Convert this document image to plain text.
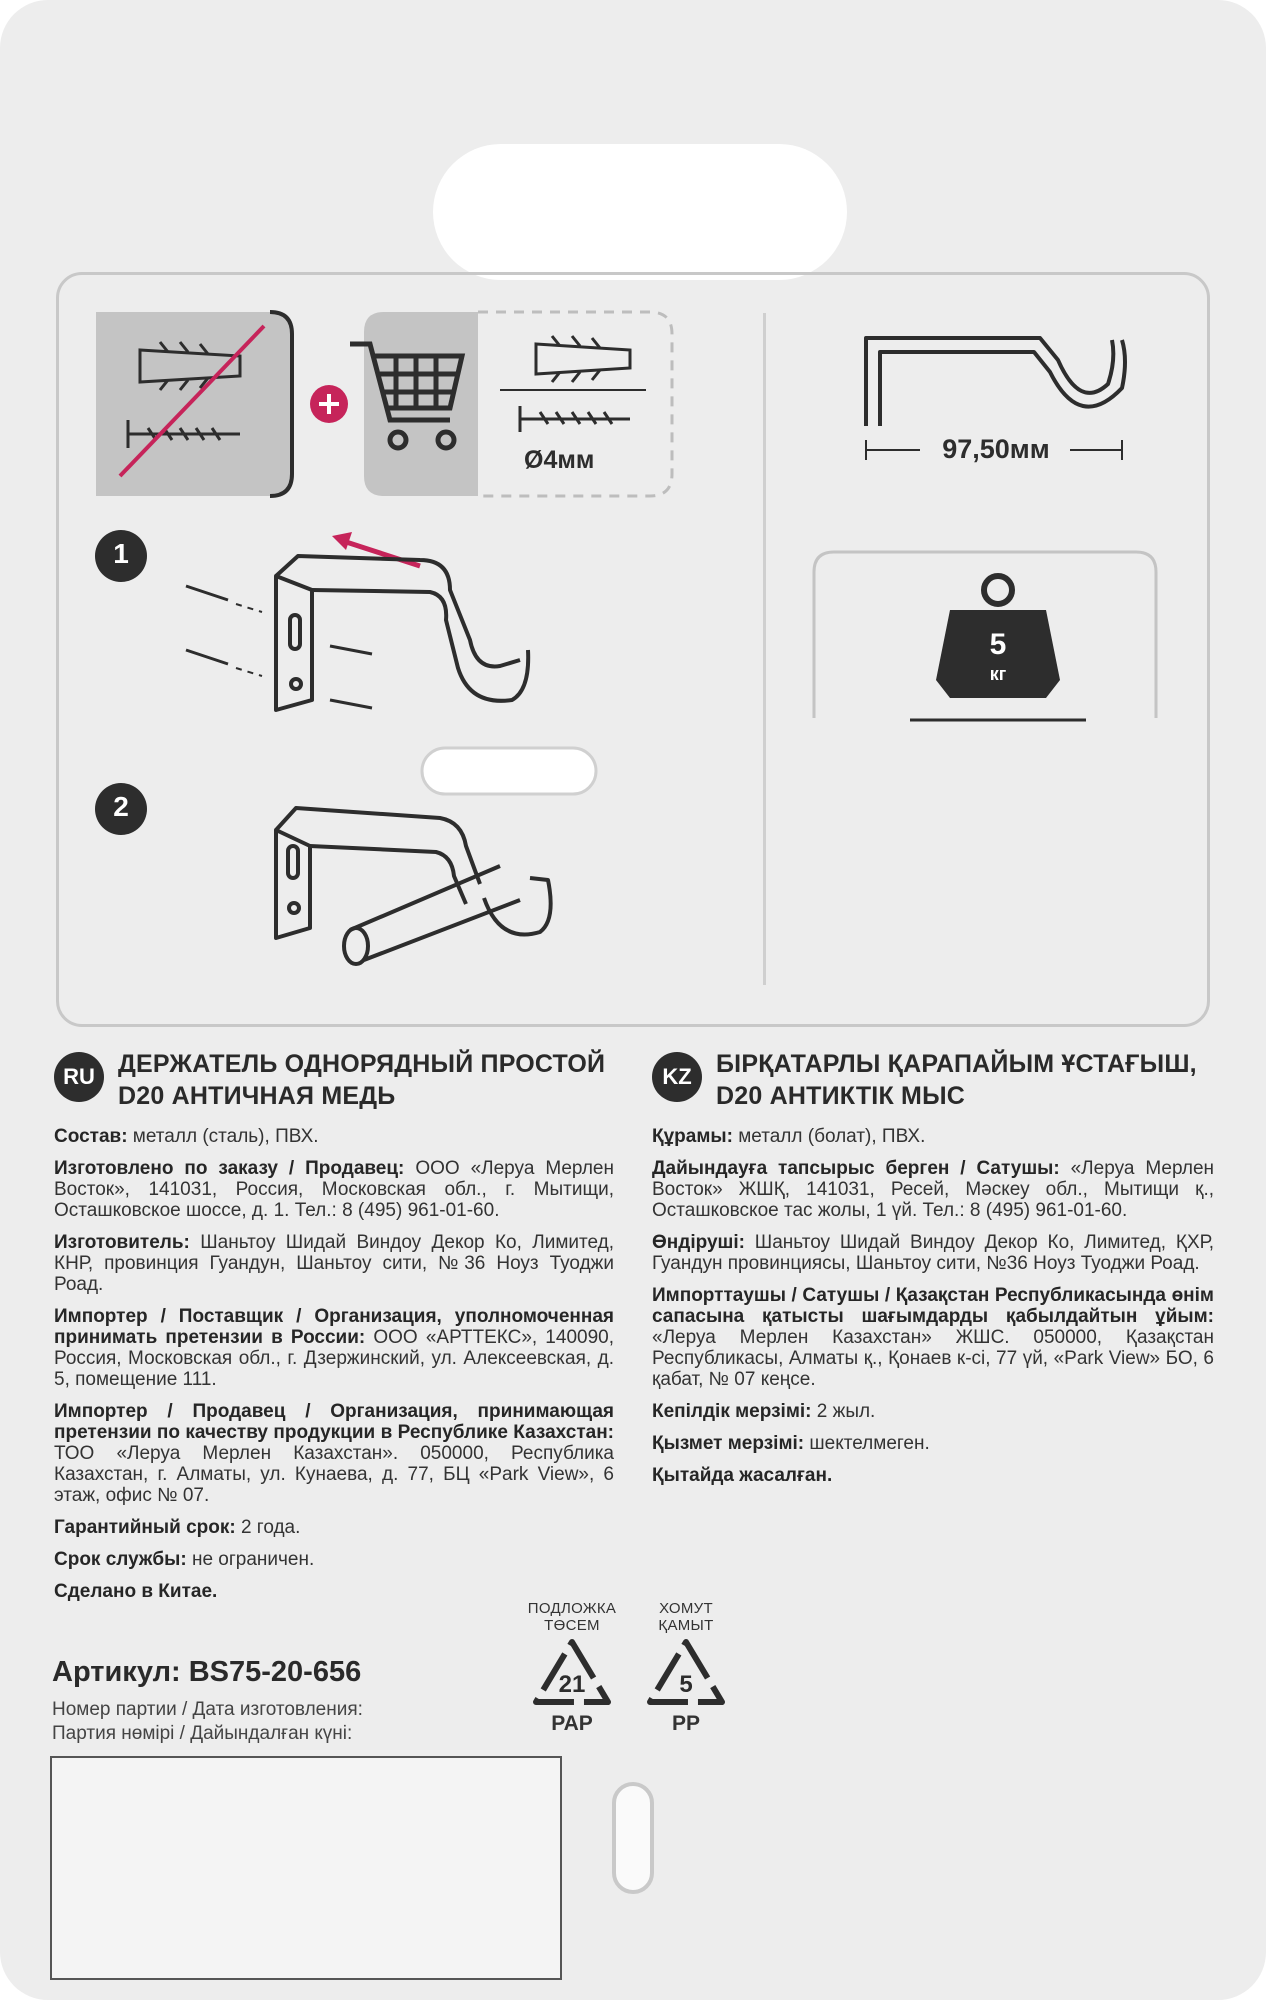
1
2
Ø4мм	97,50мм
5
кг
RU ДЕРЖАТЕЛЬ ОДНОРЯДНЫЙ ПРОСТОЙ D20 АНТИЧНАЯ МЕДЬ

Состав: металл (сталь), ПВХ.

Изготовлено по заказу / Продавец: ООО «Леруа Мерлен Восток», 141031, Россия, Московская обл., г. Мытищи, Осташковское шоссе, д. 1. Тел.: 8 (495) 961-01-60.

Изготовитель: Шаньтоу Шидай Виндоу Декор Ко, Лимитед, КНР, провинция Гуандун, Шаньтоу сити, №36 Ноуз Туоджи Роад.

Импортер / Поставщик / Организация, уполномоченная принимать претензии в России: ООО «АРТТЕКС», 140090, Россия, Московская обл., г. Дзержинский, ул. Алексеевская, д. 5, помещение 111.

Импортер / Продавец / Организация, принимающая претензии по качеству продукции в Республике Казахстан: ТОО «Леруа Мерлен Казахстан». 050000, Республика Казахстан, г. Алматы, ул. Кунаева, д. 77, БЦ «Park View», 6 этаж, офис № 07.

Гарантийный срок: 2 года.

Срок службы: не ограничен.

Сделано в Китае.

KZ БІРҚАТАРЛЫ ҚАРАПАЙЫМ ҰСТАҒЫШ, D20 АНТИКТІК МЫС

Құрамы: металл (болат), ПВХ.

Дайындауға тапсырыс берген / Сатушы: «Леруа Мерлен Восток» ЖШҚ, 141031, Ресей, Мәскеу обл., Мытищи қ., Осташковское тас жолы, 1 үй. Тел.: 8 (495) 961-01-60.

Өндіруші: Шаньтоу Шидай Виндоу Декор Ко, Лимитед, ҚХР, Гуандун провинциясы, Шаньтоу сити, №36 Ноуз Туоджи Роад.

Импорттаушы / Сатушы / Қазақстан Республикасында өнім сапасына қатысты шағымдарды қабылдайтын ұйым: «Леруа Мерлен Казахстан» ЖШС. 050000, Қазақстан Республикасы, Алматы қ., Қонаев к-сі, 77 үй, «Park View» БО, 6 қабат, № 07 кеңсе.

Кепілдік мерзімі: 2 жыл.

Қызмет мерзімі: шектелмеген.

Қытайда жасалған.

Артикул: BS75-20-656
Номер партии / Дата изготовления:
Партия нөмірі / Дайындалған күні:
ПОДЛОЖКА
ТӨСЕМ
21
PAP
ХОМУТ
ҚАМЫТ
5
PP
